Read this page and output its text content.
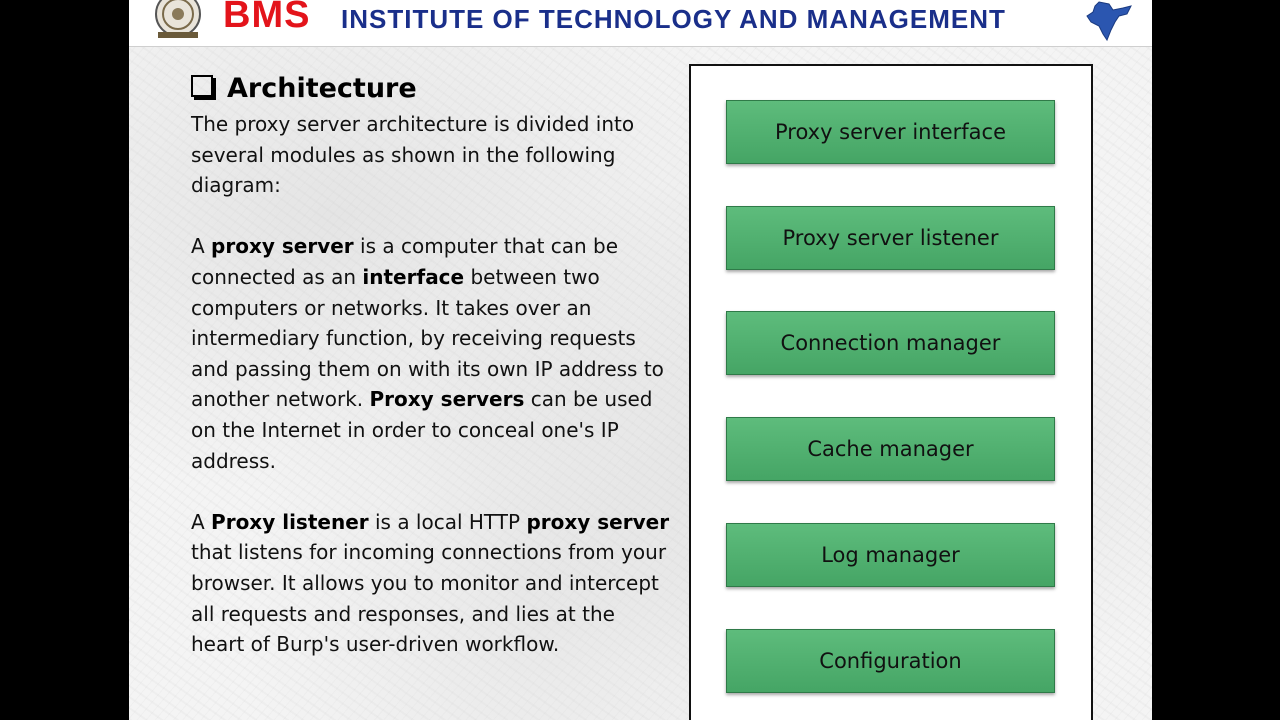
BMS INSTITUTE OF TECHNOLOGY AND MANAGEMENT
Architecture

The proxy server architecture is divided into several modules as shown in the following diagram:

A proxy server is a computer that can be connected as an interface between two computers or networks. It takes over an intermediary function, by receiving requests and passing them on with its own IP address to another network. Proxy servers can be used on the Internet in order to conceal one's IP address.

A Proxy listener is a local HTTP proxy server that listens for incoming connections from your browser. It allows you to monitor and intercept all requests and responses, and lies at the heart of Burp's user-driven workflow.

Proxy server interface
Proxy server listener
Connection manager
Cache manager
Log manager
Configuration
